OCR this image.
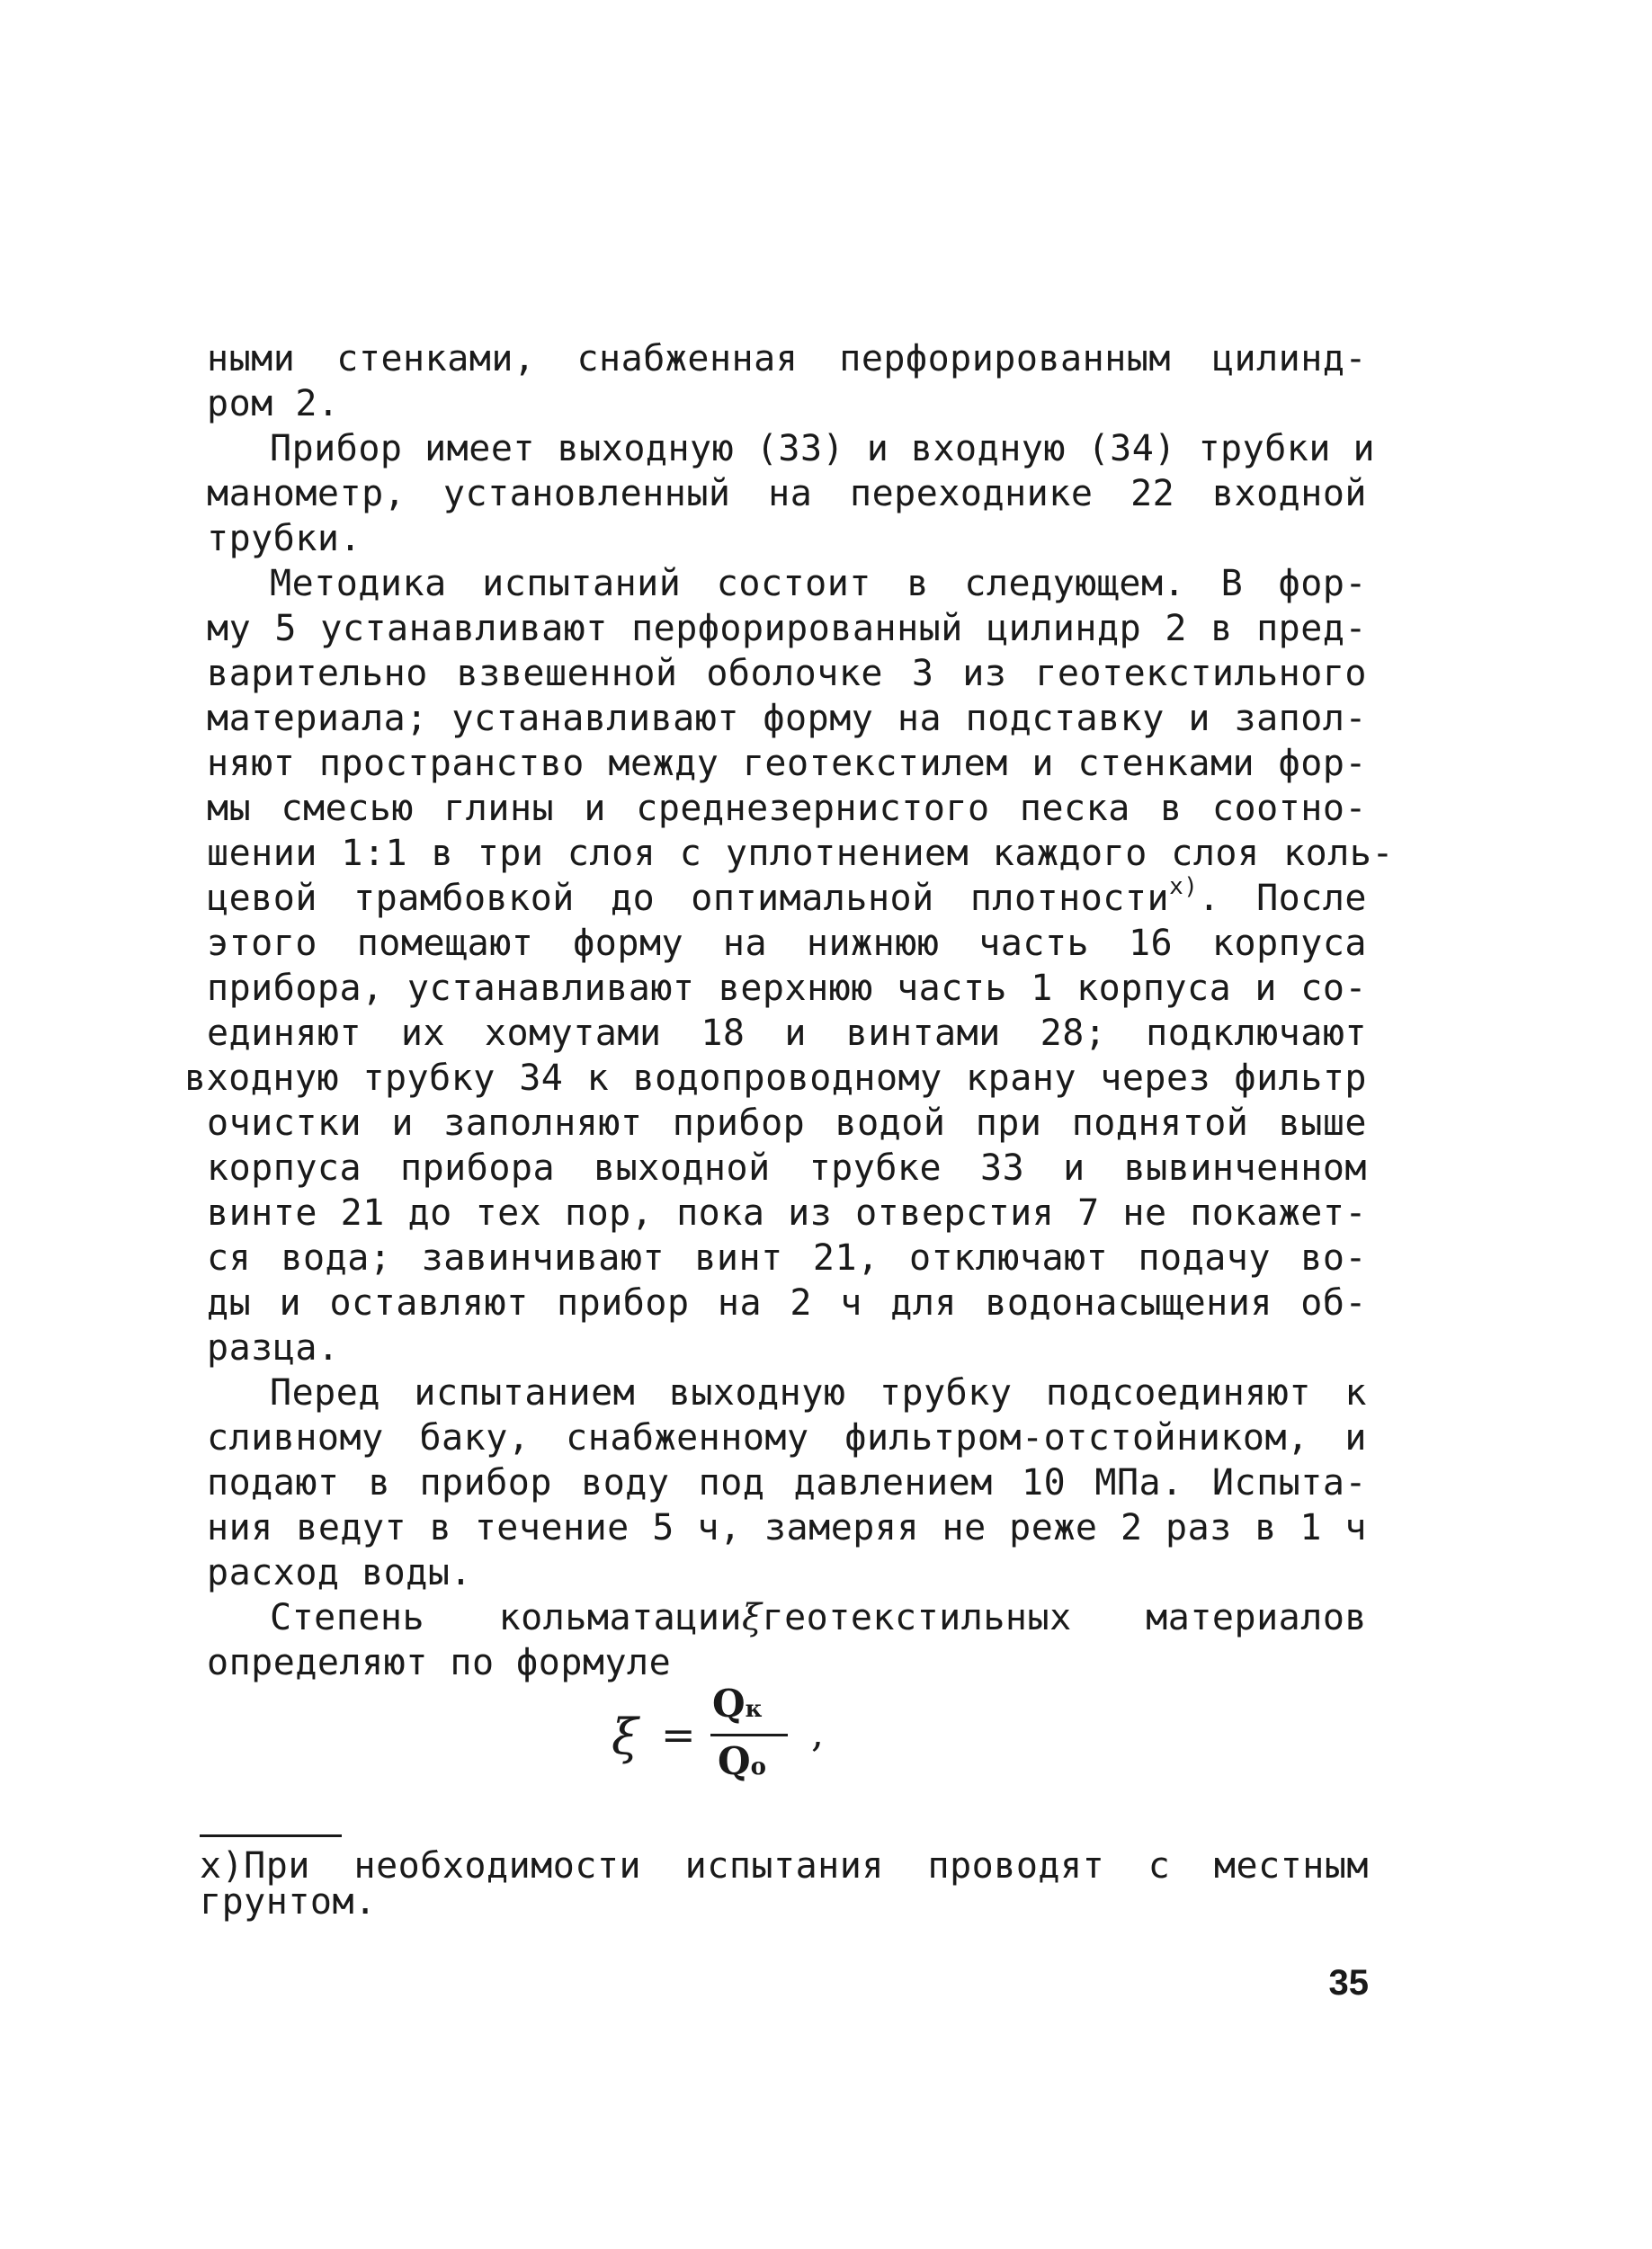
ными стенками, снабженная перфорированным цилинд-
ром 2.
Прибор имеет выходную (33) и входную (34) трубки и
манометр, установленный на переходнике 22 входной
трубки.
Методика испытаний состоит в следующем. В фор-
му 5 устанавливают перфорированный цилиндр 2 в пред-
варительно взвешенной оболочке 3 из геотекстильного
материала; устанавливают форму на подставку и запол-
няют пространство между геотекстилем и стенками фор-
мы смесью глины и среднезернистого песка в соотно-
шении 1:1 в три слоя с уплотнением каждого слоя коль-
цевой трамбовкой до оптимальной плотности$^{x)}$. После
этого помещают форму на нижнюю часть 16 корпуса
прибора, устанавливают верхнюю часть 1 корпуса и со-
единяют их хомутами 18 и винтами 28; подключают
входную трубку 34 к водопроводному крану через фильтр
очистки и заполняют прибор водой при поднятой выше
корпуса прибора выходной трубке 33 и вывинченном
винте 21 до тех пор, пока из отверстия 7 не покажет-
ся вода; завинчивают винт 21, отключают подачу во-
ды и оставляют прибор на 2 ч для водонасыщения об-
разца.
Перед испытанием выходную трубку подсоединяют к
сливному баку, снабженному фильтром-отстойником, и
подают в прибор воду под давлением 10 МПа. Испыта-
ния ведут в течение 5 ч, замеряя не реже 2 раз в 1 ч
расход воды.
Степень кольматацииξгеотекстильных материалов
определяют по формуле
ξ =
Qк
Qо
,
x)При необходимости испытания проводят с местным
грунтом.
35
